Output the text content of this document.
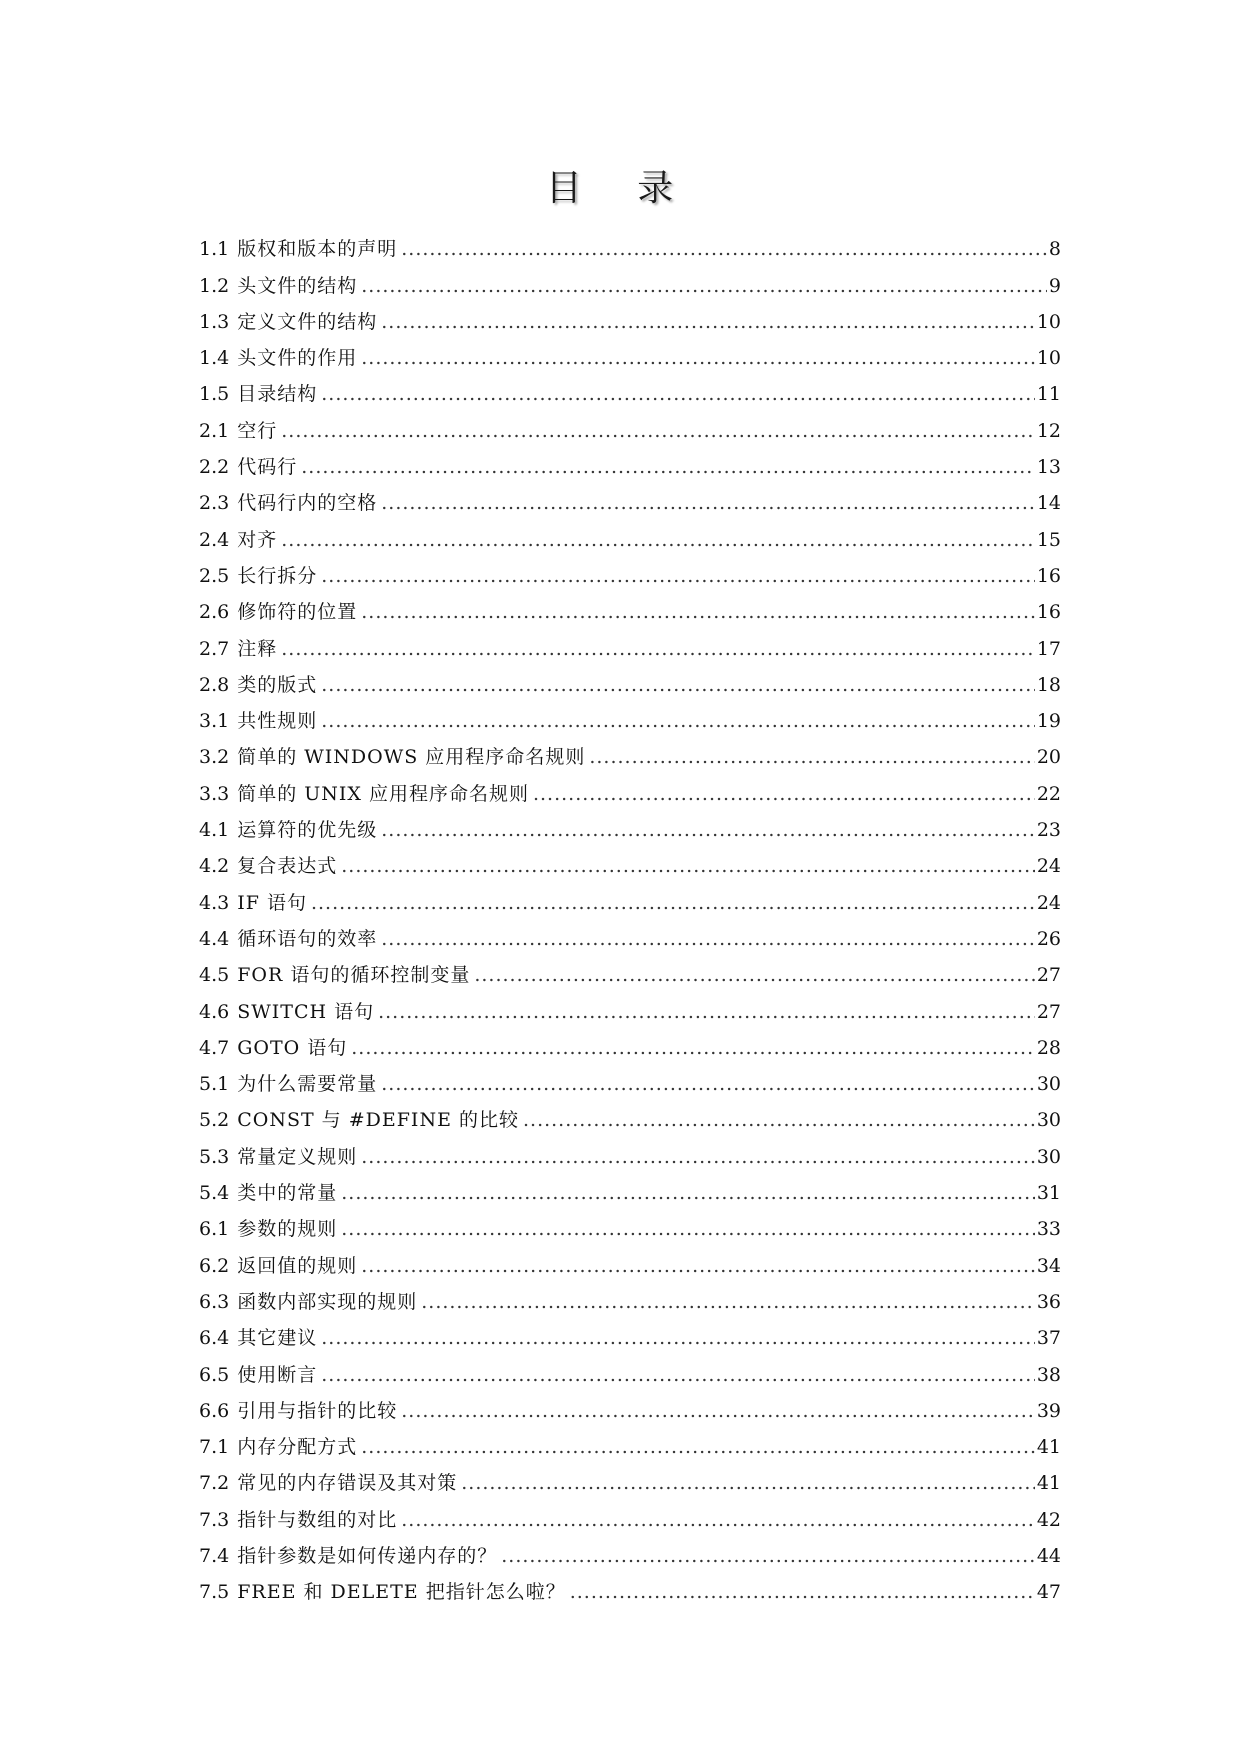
目 录
1.1 版权和版本的声明 .....	8
1.2 头文件的结构 .....	9
1.3 定义文件的结构 .....	10
1.4 头文件的作用 .....	10
1.5 目录结构 .....	11
2.1 空行 .....	12
2.2 代码行 .....	13
2.3 代码行内的空格 .....	14
2.4 对齐 .....	15
2.5 长行拆分 .....	16
2.6 修饰符的位置 .....	16
2.7 注释 .....	17
2.8 类的版式 .....	18
3.1 共性规则 .....	19
3.2 简单的 WINDOWS 应用程序命名规则 .....	20
3.3 简单的 UNIX 应用程序命名规则 .....	22
4.1 运算符的优先级 .....	23
4.2 复合表达式 .....	24
4.3 IF 语句 .....	24
4.4 循环语句的效率 .....	26
4.5 FOR 语句的循环控制变量 .....	27
4.6 SWITCH 语句 .....	27
4.7 GOTO 语句 .....	28
5.1 为什么需要常量 .....	30
5.2 CONST 与 #DEFINE 的比较 .....	30
5.3 常量定义规则 .....	30
5.4 类中的常量 .....	31
6.1 参数的规则 .....	33
6.2 返回值的规则 .....	34
6.3 函数内部实现的规则 .....	36
6.4 其它建议 .....	37
6.5 使用断言 .....	38
6.6 引用与指针的比较 .....	39
7.1 内存分配方式 .....	41
7.2 常见的内存错误及其对策 .....	41
7.3 指针与数组的对比 .....	42
7.4 指针参数是如何传递内存的？ .....	44
7.5 FREE 和 DELETE 把指针怎么啦？ .....	47
